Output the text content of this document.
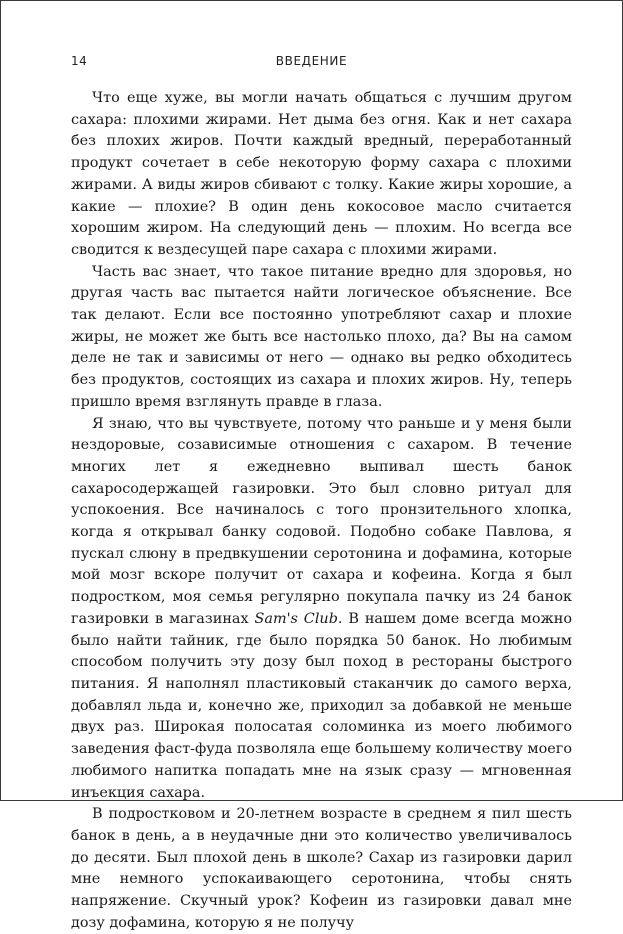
14	ВВЕДЕНИЕ

Что еще хуже, вы могли начать общаться с лучшим другом сахара: плохими жирами. Нет дыма без огня. Как и нет сахара без плохих жиров. Почти каждый вредный, переработанный продукт сочетает в себе некоторую форму сахара с плохими жирами. А виды жиров сбивают с толку. Какие жиры хорошие, а какие — плохие? В один день кокосовое масло считается хорошим жиром. На следующий день — плохим. Но всегда все сводится к вездесущей паре сахара с плохими жирами.

Часть вас знает, что такое питание вредно для здоровья, но другая часть вас пытается найти логическое объяснение. Все так делают. Если все постоянно употребляют сахар и плохие жиры, не может же быть все настолько плохо, да? Вы на самом деле не так и зависимы от него — однако вы редко обходитесь без продуктов, состоящих из сахара и плохих жиров. Ну, теперь пришло время взглянуть правде в глаза.

Я знаю, что вы чувствуете, потому что раньше и у меня были нездоровые, созависимые отношения с сахаром. В течение многих лет я ежедневно выпивал шесть банок сахаросодержащей газировки. Это был словно ритуал для успокоения. Все начиналось с того пронзительного хлопка, когда я открывал банку содовой. Подобно собаке Павлова, я пускал слюну в предвкушении серотонина и дофамина, которые мой мозг вскоре получит от сахара и кофеина. Когда я был подростком, моя семья регулярно покупала пачку из 24 банок газировки в магазинах Sam's Club. В нашем доме всегда можно было найти тайник, где было порядка 50 банок. Но любимым способом получить эту дозу был поход в рестораны быстрого питания. Я наполнял пластиковый стаканчик до самого верха, добавлял льда и, конечно же, приходил за добавкой не меньше двух раз. Широкая полосатая соломинка из моего любимого заведения фаст-фуда позволяла еще большему количеству моего любимого напитка попадать мне на язык сразу — мгновенная инъекция сахара.

В подростковом и 20-летнем возрасте в среднем я пил шесть банок в день, а в неудачные дни это количество увеличивалось до десяти. Был плохой день в школе? Сахар из газировки дарил мне немного успокаивающего серотонина, чтобы снять напряжение. Скучный урок? Кофеин из газировки давал мне дозу дофамина, которую я не получу
